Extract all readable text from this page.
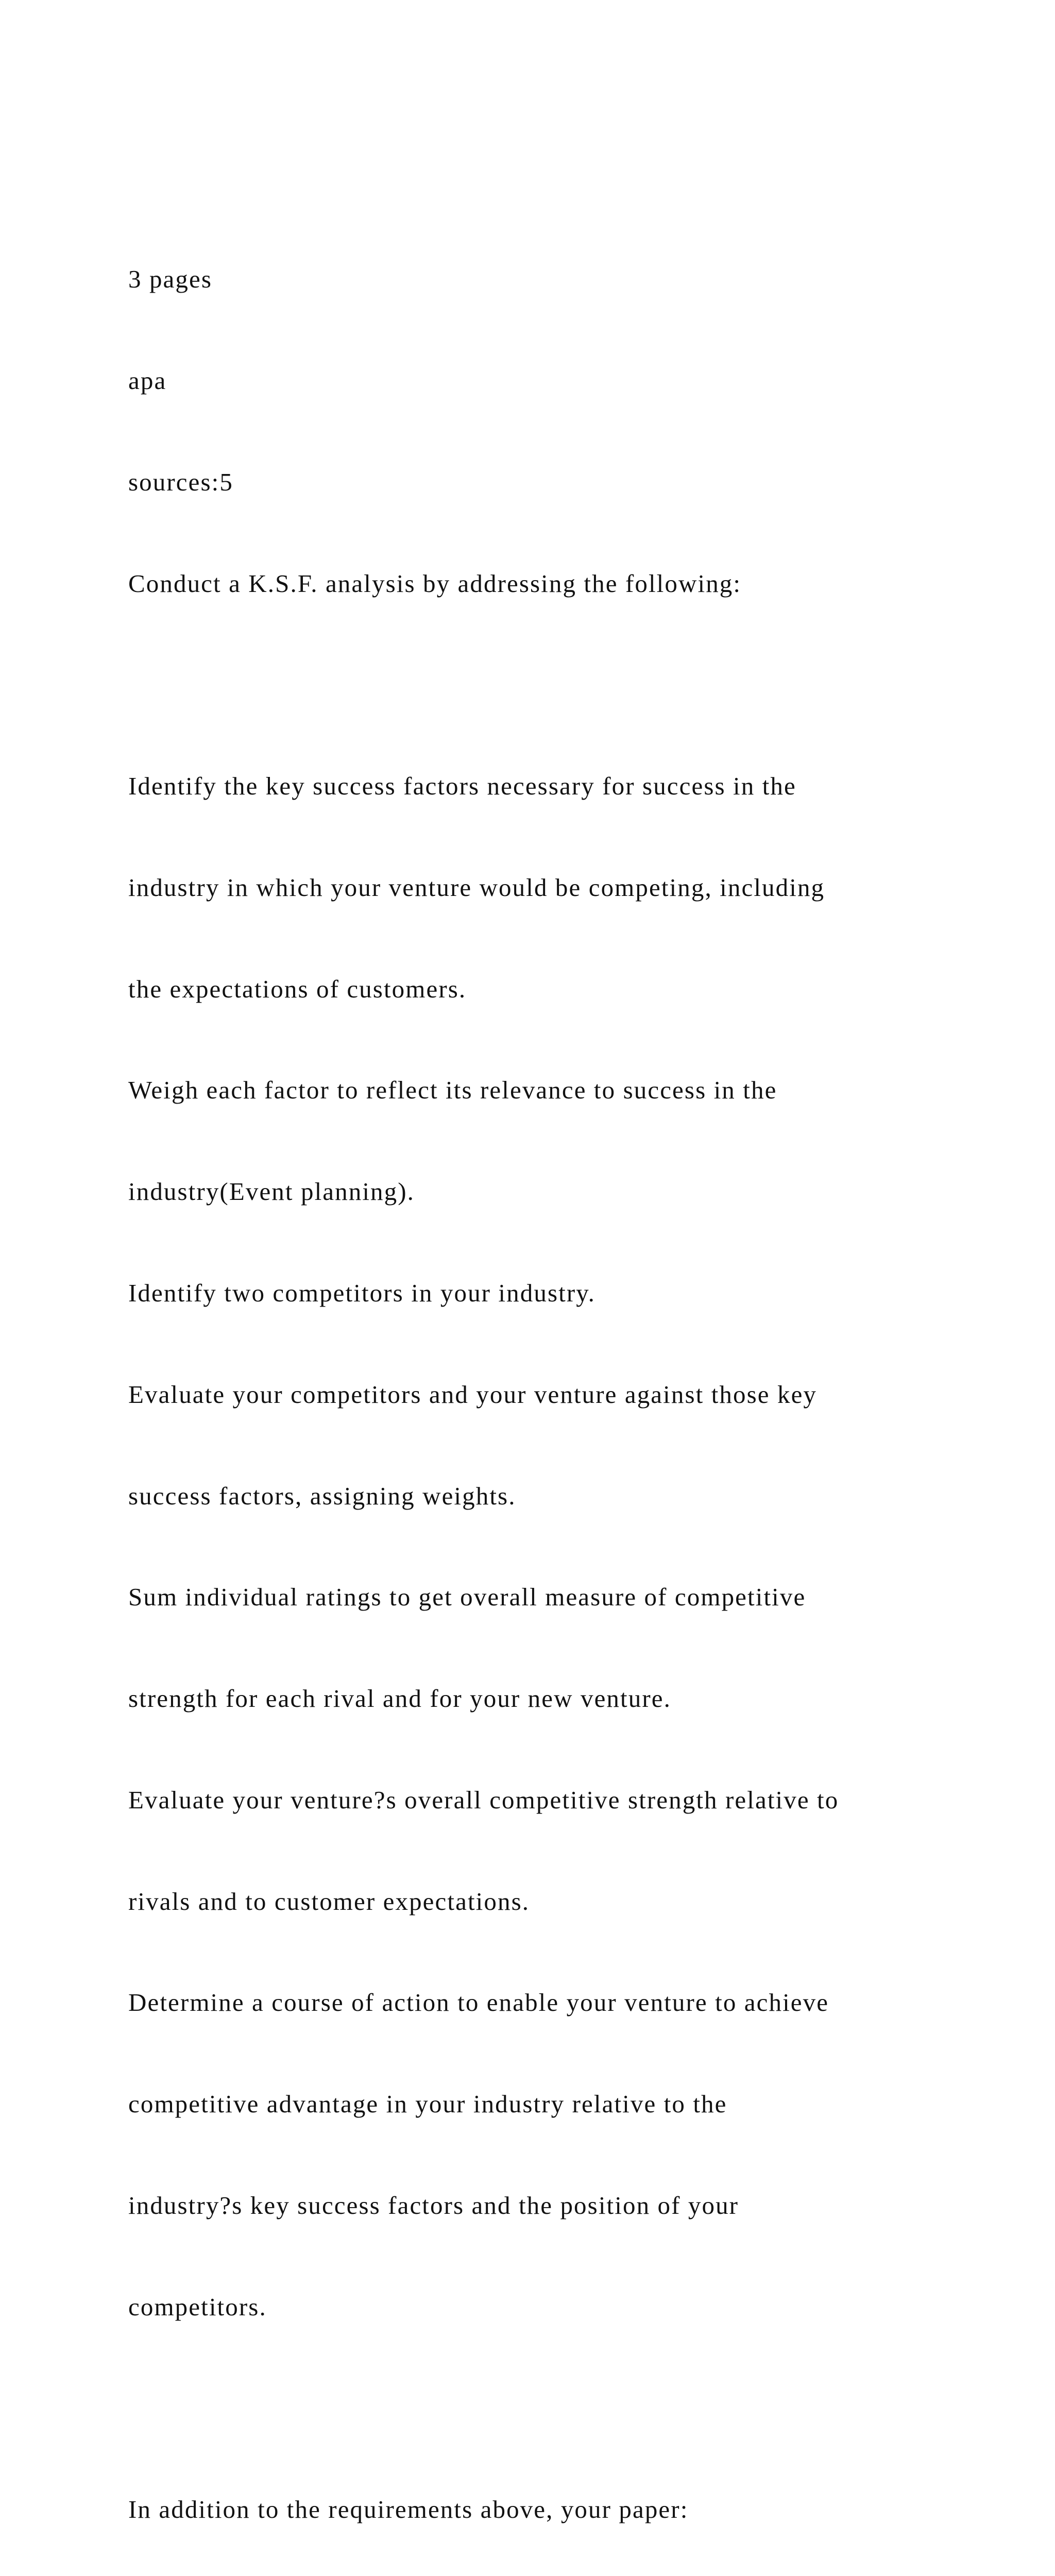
3 pages

apa

sources:5

Conduct a K.S.F. analysis by addressing the following:

Identify the key success factors necessary for success in the

industry in which your venture would be competing, including

the expectations of customers.

Weigh each factor to reflect its relevance to success in the

industry(Event planning).

Identify two competitors in your industry.

Evaluate your competitors and your venture against those key

success factors, assigning weights.

Sum individual ratings to get overall measure of competitive

strength for each rival and for your new venture.

Evaluate your venture?s overall competitive strength relative to

rivals and to customer expectations.

Determine a course of action to enable your venture to achieve

competitive advantage in your industry relative to the

industry?s key success factors and the position of your

competitors.

In addition to the requirements above, your paper:
